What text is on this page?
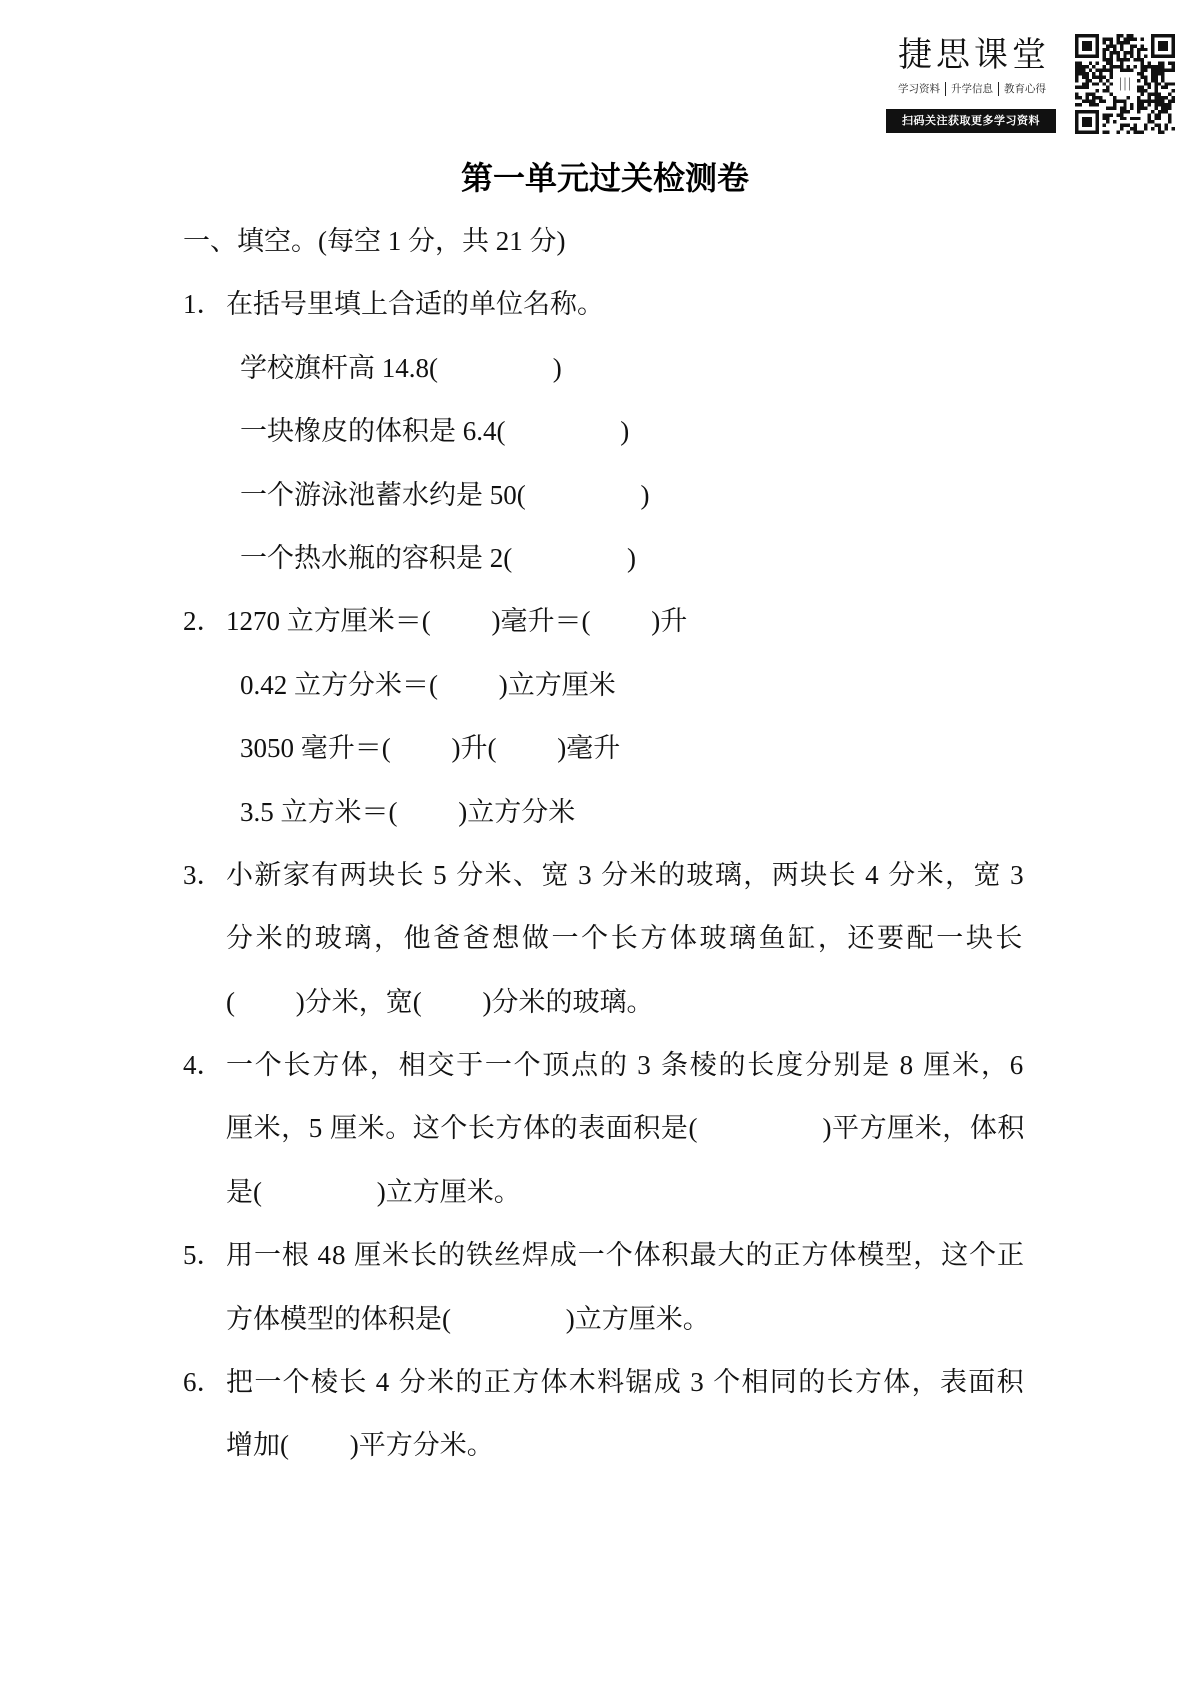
捷思课堂
学习资料	升学信息	教育心得
扫码关注获取更多学习资料
第一单元过关检测卷
一、填空。(每空 1 分，共 21 分)
1．在括号里填上合适的单位名称。
学校旗杆高 14.8(                 )
一块橡皮的体积是 6.4(                 )
一个游泳池蓄水约是 50(                 )
一个热水瓶的容积是 2(                 )
2．1270 立方厘米＝(         )毫升＝(         )升
0.42 立方分米＝(         )立方厘米
3050 毫升＝(         )升(         )毫升
3.5 立方米＝(         )立方分米
3．小新家有两块长 5 分米、宽 3 分米的玻璃，两块长 4 分米，宽 3
分米的玻璃，他爸爸想做一个长方体玻璃鱼缸，还要配一块长
(         )分米，宽(         )分米的玻璃。
4．一个长方体，相交于一个顶点的 3 条棱的长度分别是 8 厘米，6
厘米，5 厘米。这个长方体的表面积是(                 )平方厘米，体积
是(                 )立方厘米。
5．用一根 48 厘米长的铁丝焊成一个体积最大的正方体模型，这个正
方体模型的体积是(                 )立方厘米。
6．把一个棱长 4 分米的正方体木料锯成 3 个相同的长方体，表面积
增加(         )平方分米。
